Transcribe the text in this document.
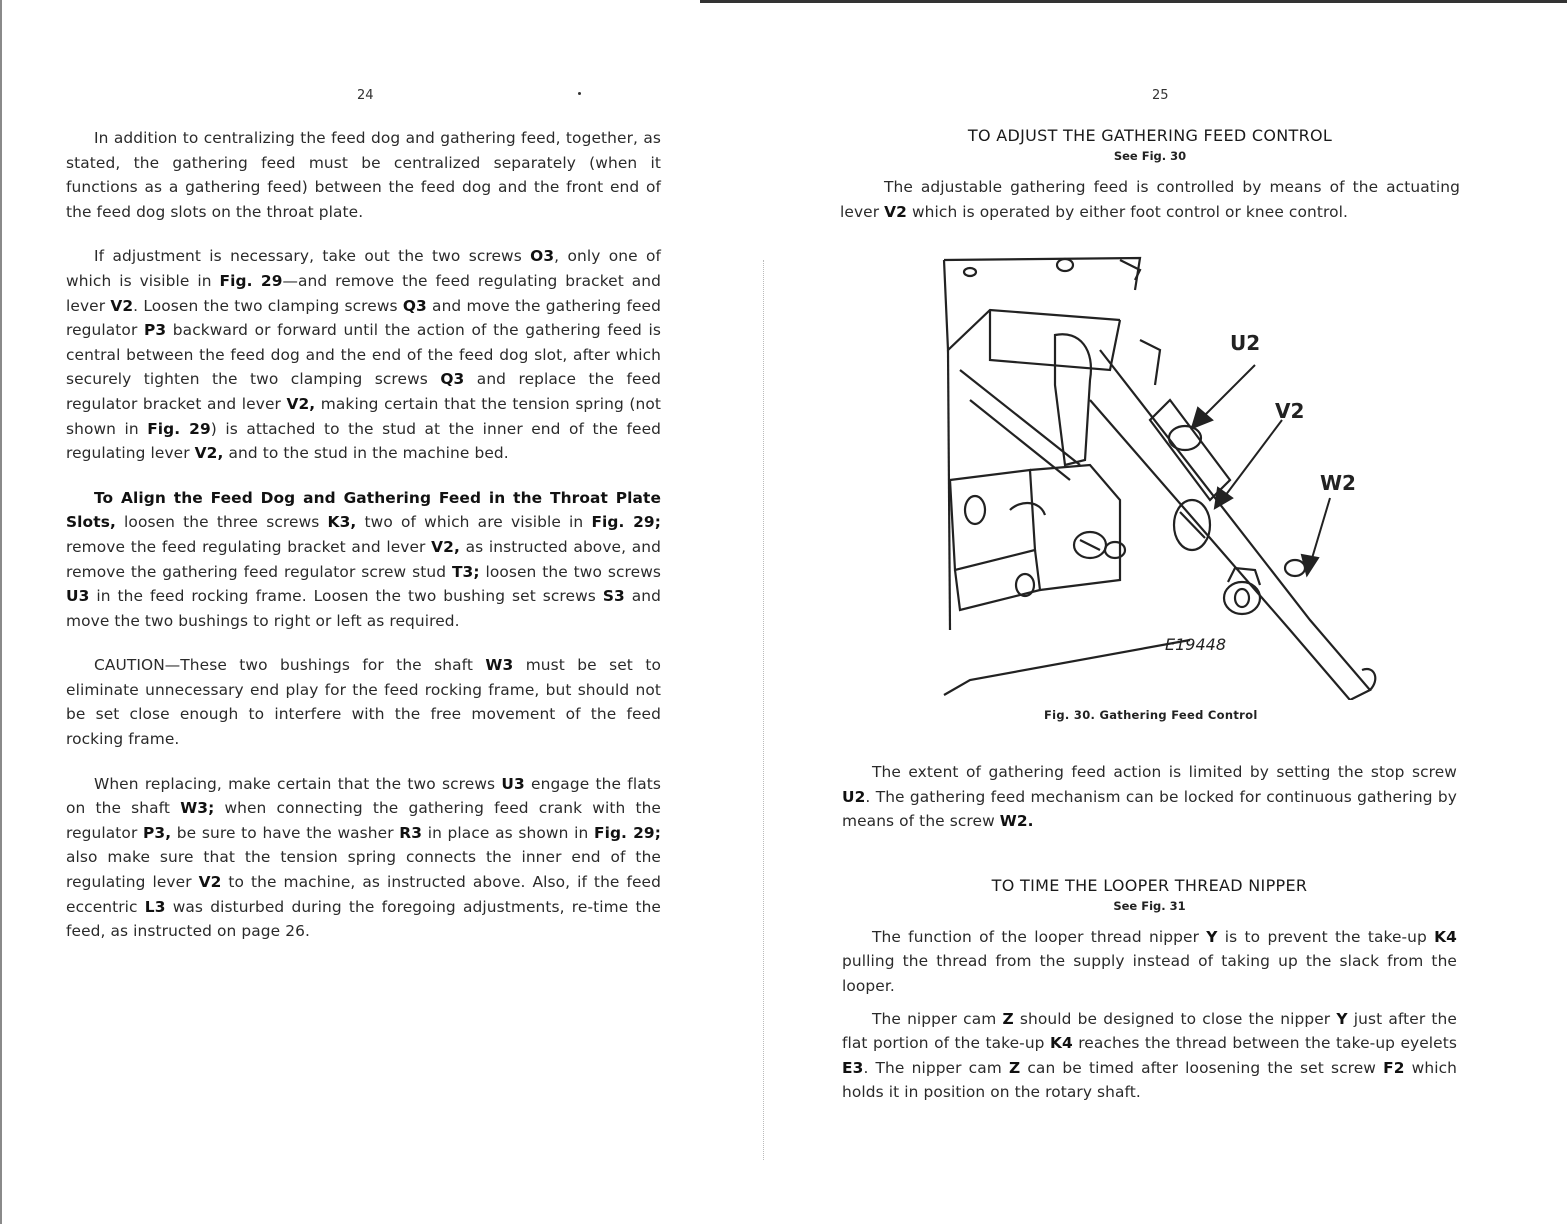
24

In addition to centralizing the feed dog and gathering feed, together, as stated, the gathering feed must be centralized separately (when it functions as a gathering feed) between the feed dog and the front end of the feed dog slots on the throat plate.

If adjustment is necessary, take out the two screws O3, only one of which is visible in Fig. 29—and remove the feed regulating bracket and lever V2. Loosen the two clamping screws Q3 and move the gathering feed regulator P3 backward or forward until the action of the gathering feed is central between the feed dog and the end of the feed dog slot, after which securely tighten the two clamping screws Q3 and replace the feed regulator bracket and lever V2, making certain that the tension spring (not shown in Fig. 29) is attached to the stud at the inner end of the feed regulating lever V2, and to the stud in the machine bed.

To Align the Feed Dog and Gathering Feed in the Throat Plate Slots, loosen the three screws K3, two of which are visible in Fig. 29; remove the feed regulating bracket and lever V2, as instructed above, and remove the gathering feed regulator screw stud T3; loosen the two screws U3 in the feed rocking frame. Loosen the two bushing set screws S3 and move the two bushings to right or left as required.

CAUTION—These two bushings for the shaft W3 must be set to eliminate unnecessary end play for the feed rocking frame, but should not be set close enough to interfere with the free movement of the feed rocking frame.

When replacing, make certain that the two screws U3 engage the flats on the shaft W3; when connecting the gathering feed crank with the regulator P3, be sure to have the washer R3 in place as shown in Fig. 29; also make sure that the tension spring connects the inner end of the regulating lever V2 to the machine, as instructed above. Also, if the feed eccentric L3 was disturbed during the foregoing adjustments, re-time the feed, as instructed on page 26.

25
TO ADJUST THE GATHERING FEED CONTROL
See Fig. 30

The adjustable gathering feed is controlled by means of the actuating lever V2 which is operated by either foot control or knee control.

U2
V2
W2
E19448
Fig. 30. Gathering Feed Control

The extent of gathering feed action is limited by setting the stop screw U2. The gathering feed mechanism can be locked for continuous gathering by means of the screw W2.

TO TIME THE LOOPER THREAD NIPPER
See Fig. 31

The function of the looper thread nipper Y is to prevent the take-up K4 pulling the thread from the supply instead of taking up the slack from the looper.

The nipper cam Z should be designed to close the nipper Y just after the flat portion of the take-up K4 reaches the thread between the take-up eyelets E3. The nipper cam Z can be timed after loosening the set screw F2 which holds it in position on the rotary shaft.
